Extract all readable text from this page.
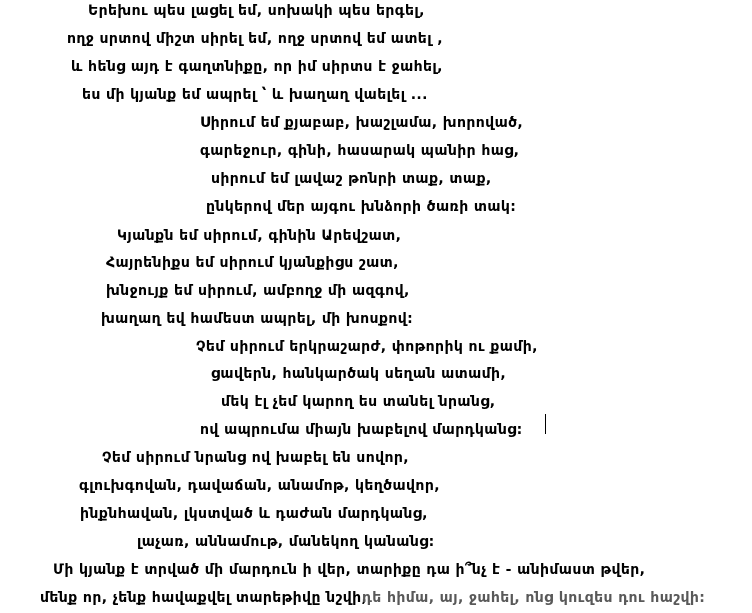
Երեխու պես լացել եմ, սոխակի պես երգել,
ողջ սրտով միշտ սիրել եմ, ողջ սրտով եմ ատել ,
և հենց այդ է գաղտնիքը, որ իմ սիրտս է ջահել,
ես մի կյանք եմ ապրել ՝ և խաղաղ վաելել ...
Սիրում եմ քյաբաբ, խաշլամա, խորոված,
գարեջուր, գինի, հասարակ պանիր հաց,
սիրում եմ լավաշ թոնրի տաք, տաք,
ընկերով մեր այգու խնձորի ծառի տակ:
Կյանքն եմ սիրում, գինին Արեվշատ,
Հայրենիքս եմ սիրում կյանքիցս շատ,
խնջույք եմ սիրում, ամբողջ մի ազգով,
խաղաղ եվ համեստ ապրել, մի խոսքով:
Չեմ սիրում երկրաշարժ, փոթորիկ ու քամի,
ցավերն, հանկարծակ սեղան ատամի,
մեկ էլ չեմ կարող ես տանել նրանց,
ով ապրումա միայն խաբելով մարդկանց:
Չեմ սիրում նրանց ով խաբել են սովոր,
գլուխգովան, դավաճան, անամոթ, կեղծավոր,
ինքնհավան, լկստված և դաժան մարդկանց,
լաչառ, աննամութ, մանեկող կանանց:
Մի կյանք է տրված մի մարդուն ի վեր, տարիքը դա ի՞նչ է - անիմաստ թվեր,
մենք որ, չենք հավաքվել տարեթիվը նշվի,
դե հիմա, այ, ջահել, ոնց կուզես դու հաշվի:
